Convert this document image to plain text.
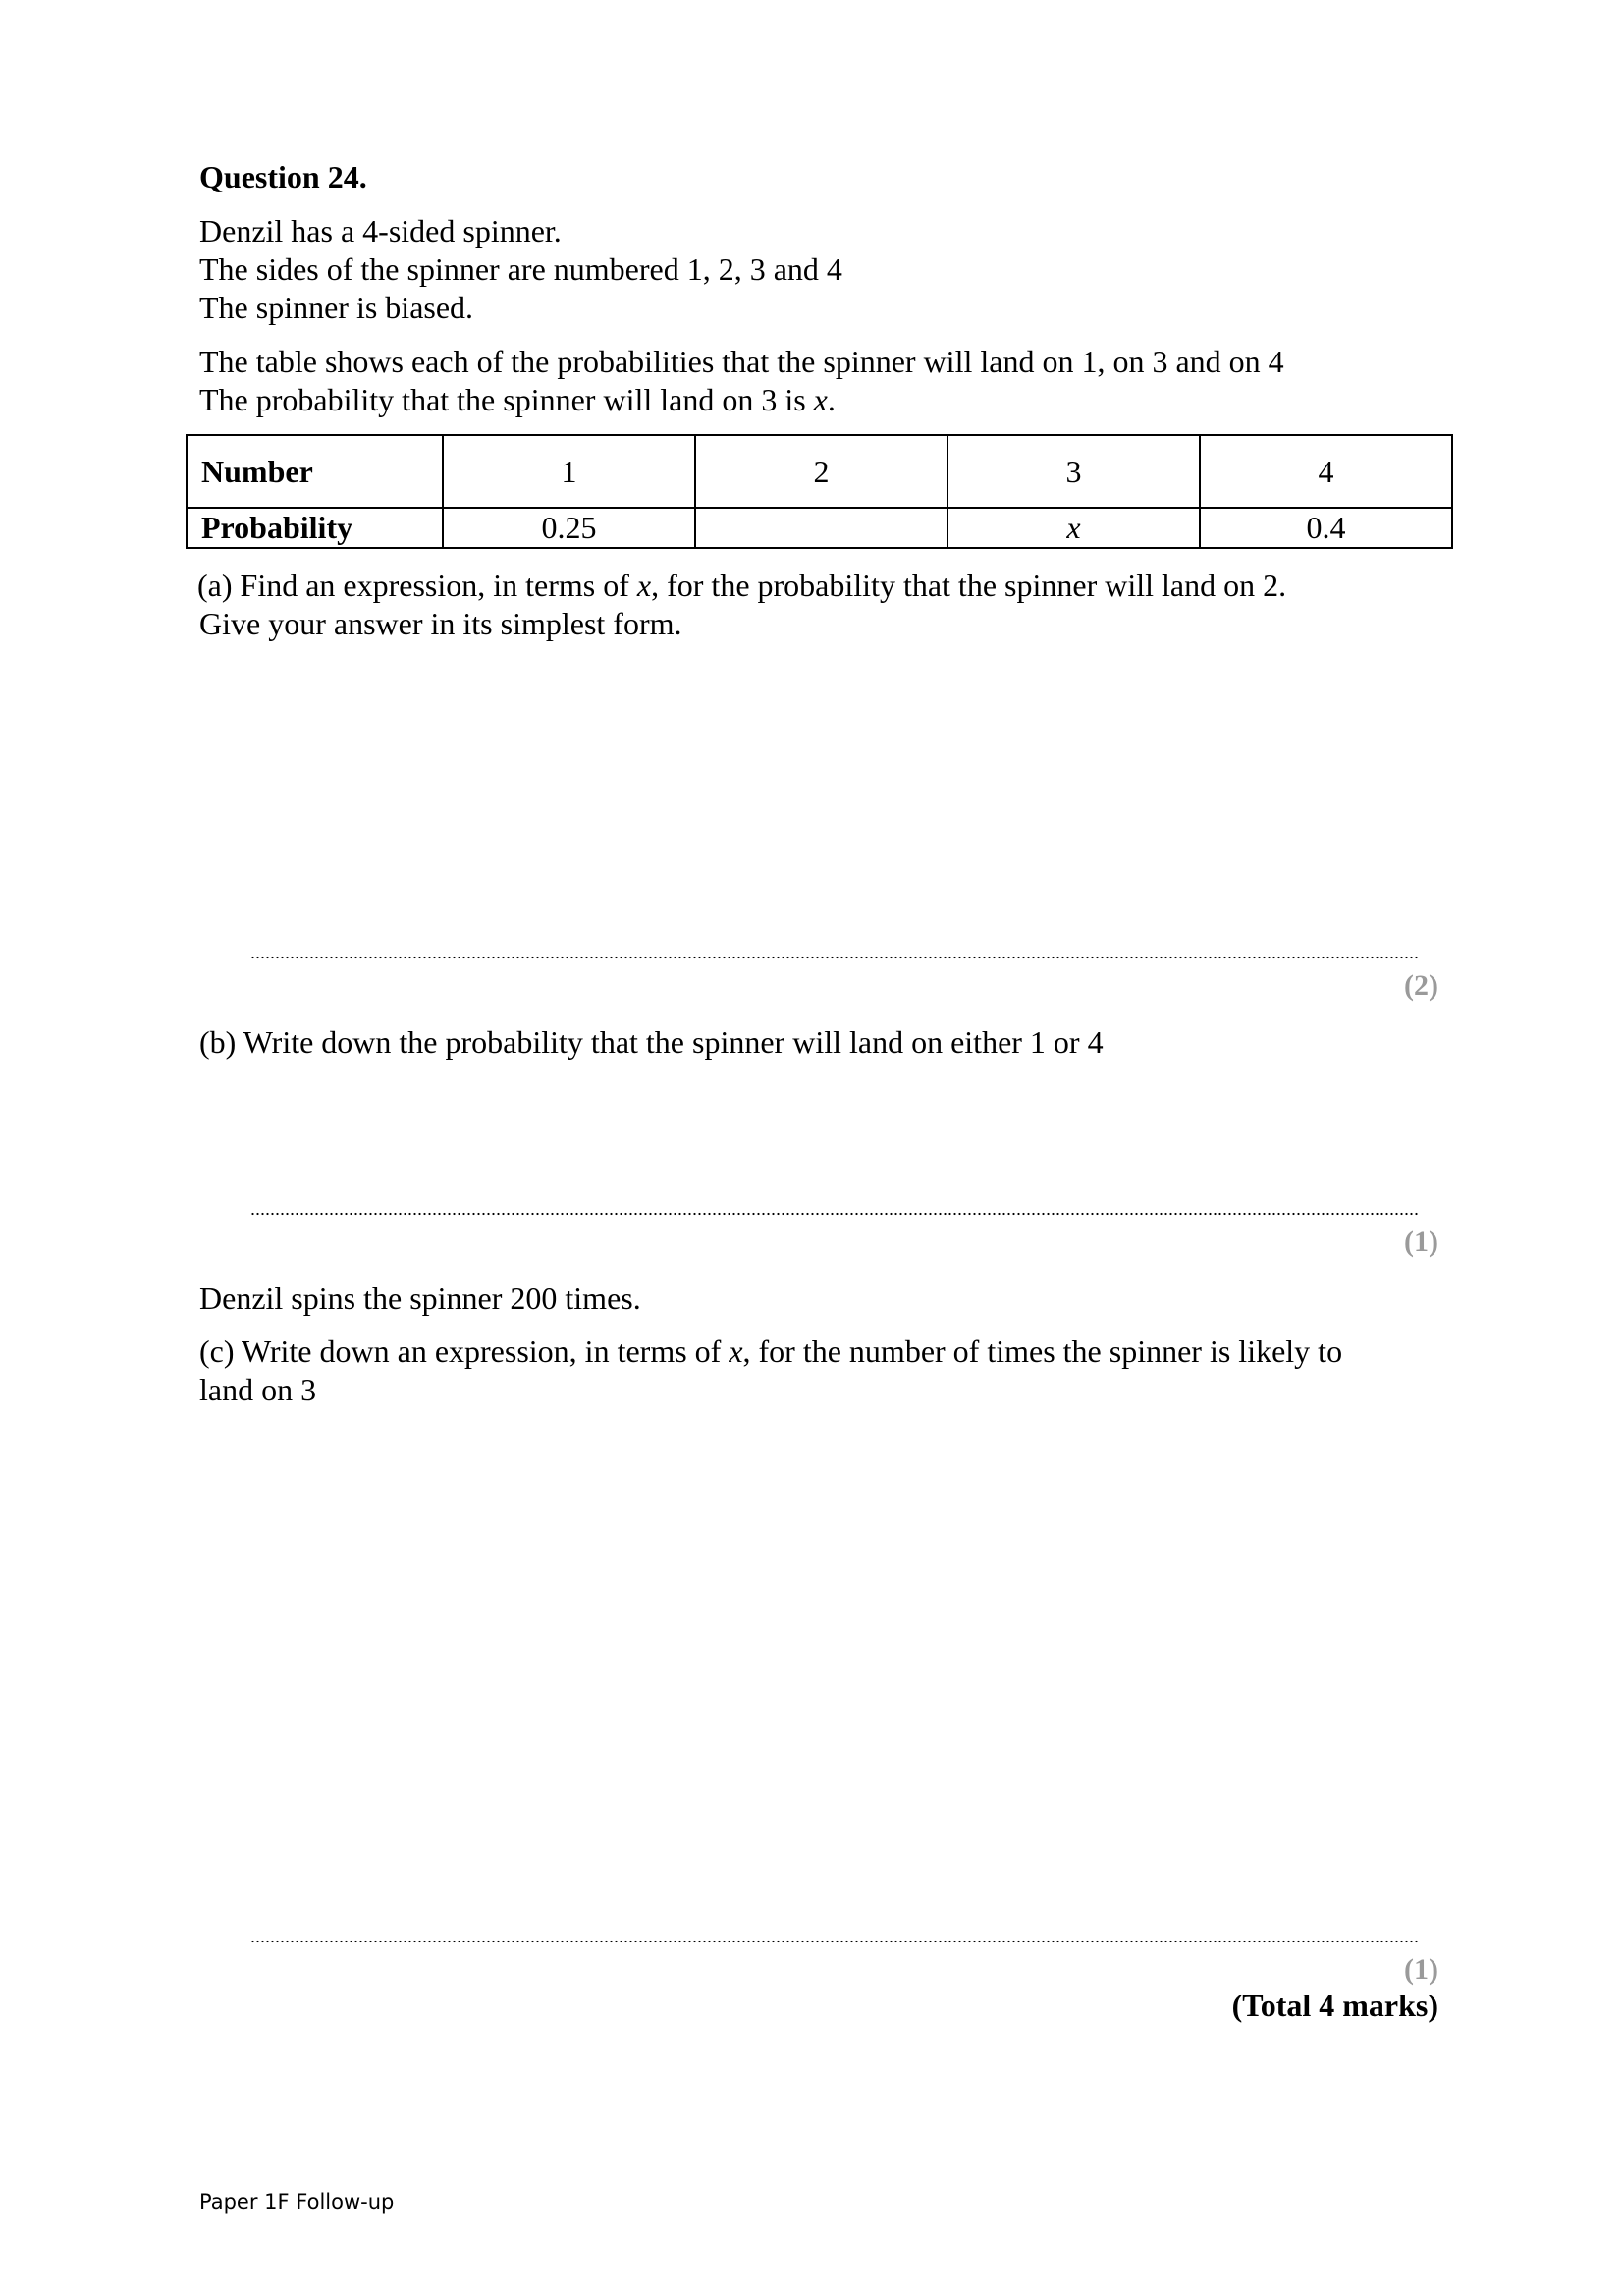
Question 24.
Denzil has a 4-sided spinner.
The sides of the spinner are numbered 1, 2, 3 and 4
The spinner is biased.
The table shows each of the probabilities that the spinner will land on 1, on 3 and on 4
The probability that the spinner will land on 3 is x.
Number	1	2	3	4
Probability	0.25		x	0.4
(a) Find an expression, in terms of x, for the probability that the spinner will land on 2.
Give your answer in its simplest form.
(2)
(b) Write down the probability that the spinner will land on either 1 or 4
(1)
Denzil spins the spinner 200 times.
(c) Write down an expression, in terms of x, for the number of times the spinner is likely to
land on 3
(1)
(Total 4 marks)
Paper 1F Follow-up
